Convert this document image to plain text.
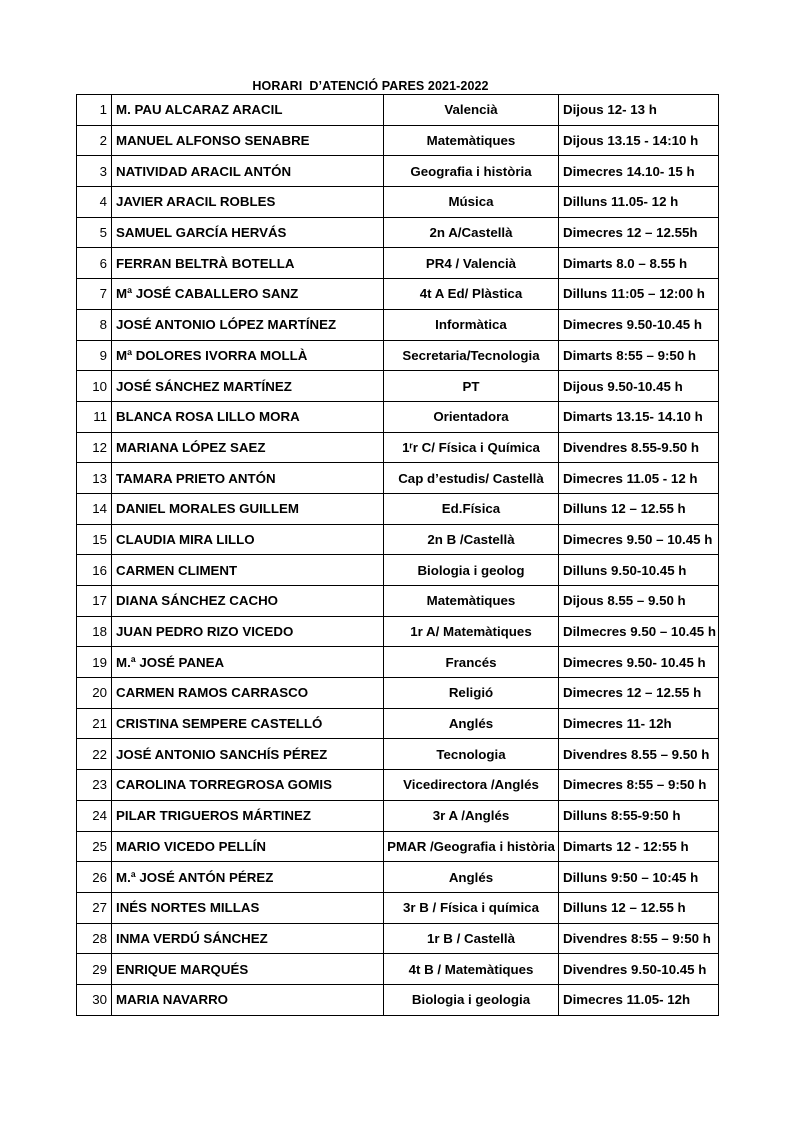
HORARI  D’ATENCIÓ PARES 2021-2022
1	M. PAU ALCARAZ ARACIL	Valencià	Dijous 12- 13 h
2	MANUEL ALFONSO SENABRE	Matemàtiques	Dijous 13.15 - 14:10 h
3	NATIVIDAD ARACIL ANTÓN	Geografia i història	Dimecres 14.10- 15 h
4	JAVIER ARACIL ROBLES	Música	Dilluns 11.05- 12 h
5	SAMUEL GARCÍA HERVÁS	2n A/Castellà	Dimecres 12 – 12.55h
6	FERRAN BELTRÀ BOTELLA	PR4 / Valencià	Dimarts 8.0 – 8.55 h
7	Mª JOSÉ CABALLERO SANZ	4t A Ed/ Plàstica	Dilluns 11:05 – 12:00 h
8	JOSÉ ANTONIO LÓPEZ MARTÍNEZ	Informàtica	Dimecres 9.50-10.45 h
9	Mª DOLORES IVORRA MOLLÀ	Secretaria/Tecnologia	Dimarts 8:55 – 9:50 h
10	JOSÉ SÁNCHEZ MARTÍNEZ	PT	Dijous 9.50-10.45 h
11	BLANCA ROSA LILLO MORA	Orientadora	Dimarts 13.15- 14.10 h
12	MARIANA LÓPEZ SAEZ	1ʳr C/ Física i Química	Divendres 8.55-9.50 h
13	TAMARA PRIETO ANTÓN	Cap d’estudis/ Castellà	Dimecres 11.05 - 12 h
14	DANIEL MORALES GUILLEM	Ed.Física	Dilluns 12 – 12.55 h
15	CLAUDIA MIRA LILLO	2n B /Castellà	Dimecres 9.50 – 10.45 h
16	CARMEN CLIMENT	Biologia i geolog	Dilluns 9.50-10.45 h
17	DIANA SÁNCHEZ CACHO	Matemàtiques	Dijous 8.55 – 9.50 h
18	JUAN PEDRO RIZO VICEDO	1r A/ Matemàtiques	Dilmecres 9.50 – 10.45 h
19	M.ª JOSÉ PANEA	Francés	Dimecres 9.50- 10.45 h
20	CARMEN RAMOS CARRASCO	Religió	Dimecres 12 – 12.55 h
21	CRISTINA SEMPERE CASTELLÓ	Anglés	Dimecres 11- 12h
22	JOSÉ ANTONIO SANCHÍS PÉREZ	Tecnologia	Divendres 8.55 – 9.50 h
23	CAROLINA TORREGROSA GOMIS	Vicedirectora /Anglés	Dimecres 8:55 – 9:50 h
24	PILAR TRIGUEROS MÁRTINEZ	3r A /Anglés	Dilluns 8:55-9:50 h
25	MARIO VICEDO PELLÍN	PMAR /Geografia i història	Dimarts 12 - 12:55 h
26	M.ª JOSÉ ANTÓN PÉREZ	Anglés	Dilluns 9:50 – 10:45 h
27	INÉS NORTES MILLAS	3r B / Física i química	Dilluns 12 – 12.55 h
28	INMA VERDÚ SÁNCHEZ	1r B / Castellà	Divendres 8:55 – 9:50 h
29	ENRIQUE MARQUÉS	4t B / Matemàtiques	Divendres 9.50-10.45 h
30	MARIA NAVARRO	Biologia i geologia	Dimecres 11.05- 12h
